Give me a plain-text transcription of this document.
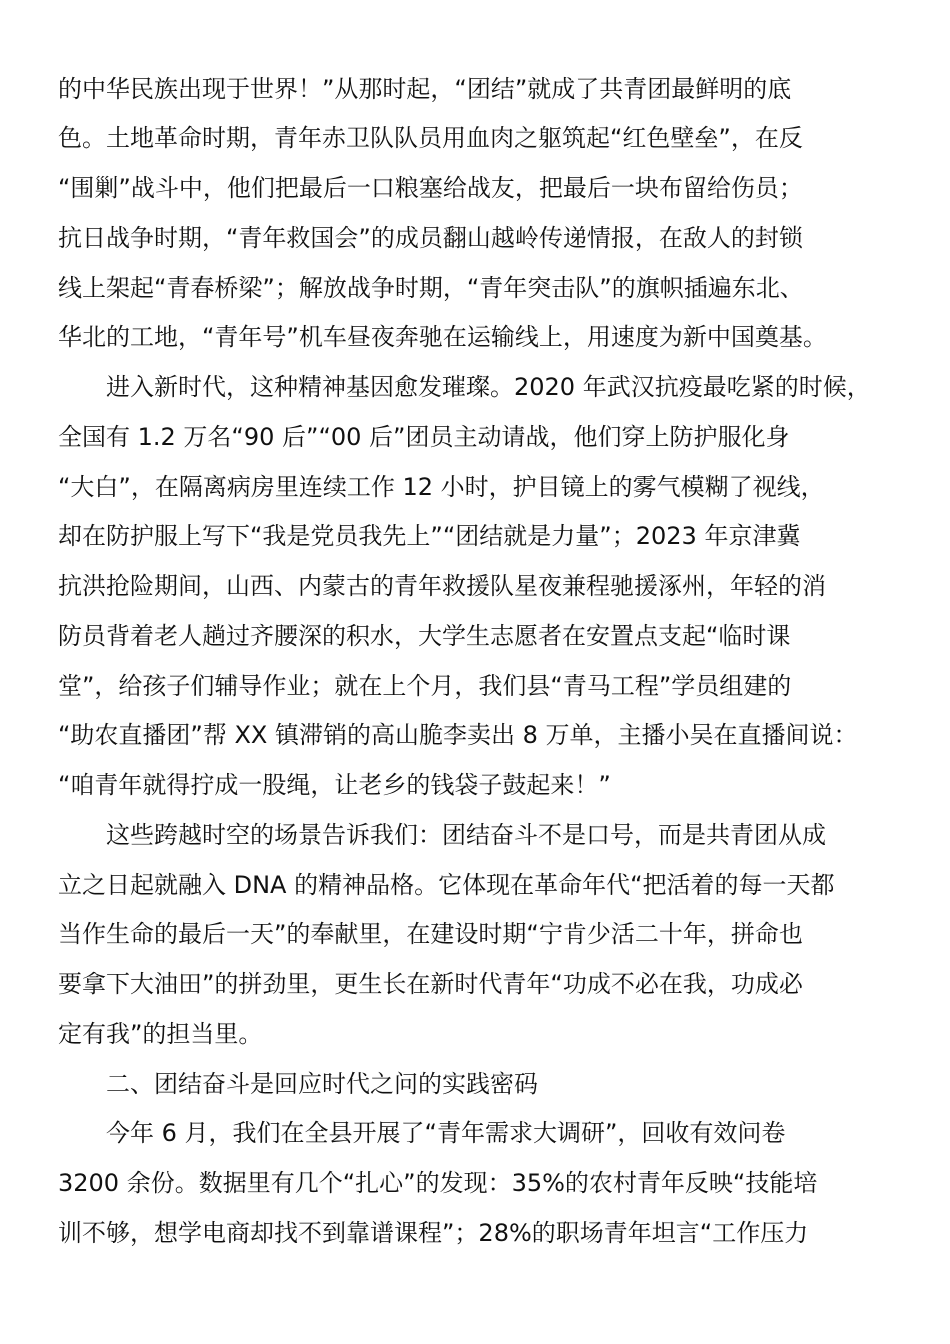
的中华民族出现于世界！”从那时起，“团结”就成了共青团最鲜明的底
色。土地革命时期，青年赤卫队队员用血肉之躯筑起“红色壁垒”，在反
“围剿”战斗中，他们把最后一口粮塞给战友，把最后一块布留给伤员；
抗日战争时期，“青年救国会”的成员翻山越岭传递情报，在敌人的封锁
线上架起“青春桥梁”；解放战争时期，“青年突击队”的旗帜插遍东北、
华北的工地，“青年号”机车昼夜奔驰在运输线上，用速度为新中国奠基。
进入新时代，这种精神基因愈发璀璨。2020 年武汉抗疫最吃紧的时候，
全国有 1.2 万名“90 后”“00 后”团员主动请战，他们穿上防护服化身
“大白”，在隔离病房里连续工作 12 小时，护目镜上的雾气模糊了视线，
却在防护服上写下“我是党员我先上”“团结就是力量”；2023 年京津冀
抗洪抢险期间，山西、内蒙古的青年救援队星夜兼程驰援涿州，年轻的消
防员背着老人趟过齐腰深的积水，大学生志愿者在安置点支起“临时课
堂”，给孩子们辅导作业；就在上个月，我们县“青马工程”学员组建的
“助农直播团”帮 XX 镇滞销的高山脆李卖出 8 万单，主播小吴在直播间说：
“咱青年就得拧成一股绳，让老乡的钱袋子鼓起来！”
这些跨越时空的场景告诉我们：团结奋斗不是口号，而是共青团从成
立之日起就融入 DNA 的精神品格。它体现在革命年代“把活着的每一天都
当作生命的最后一天”的奉献里，在建设时期“宁肯少活二十年，拼命也
要拿下大油田”的拼劲里，更生长在新时代青年“功成不必在我，功成必
定有我”的担当里。
二、团结奋斗是回应时代之问的实践密码
今年 6 月，我们在全县开展了“青年需求大调研”，回收有效问卷
3200 余份。数据里有几个“扎心”的发现：35%的农村青年反映“技能培
训不够，想学电商却找不到靠谱课程”；28%的职场青年坦言“工作压力
